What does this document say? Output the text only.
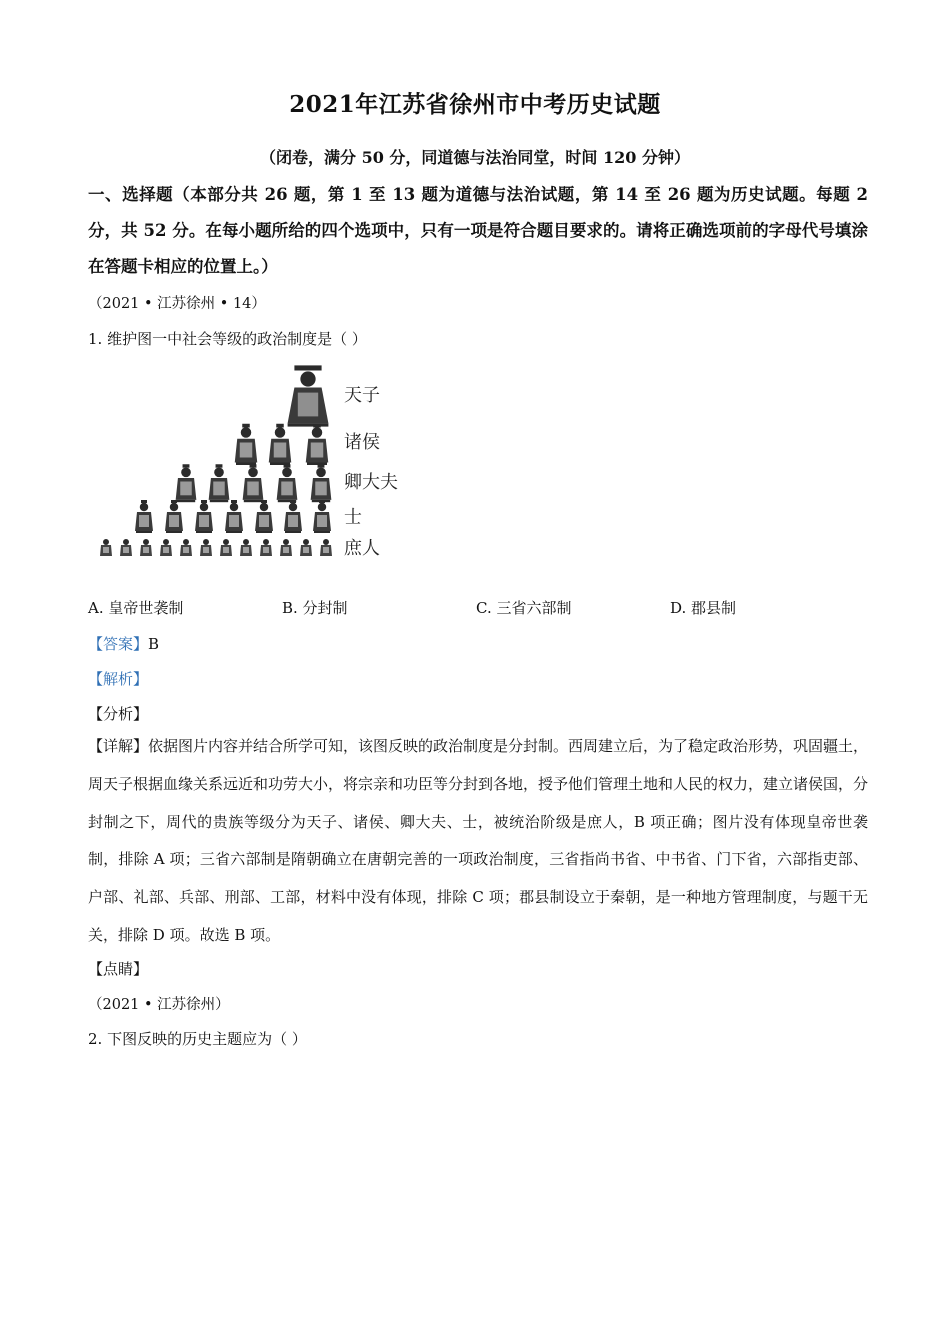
2021年江苏省徐州市中考历史试题
（闭卷，满分 50 分，同道德与法治同堂，时间 120 分钟）
一、选择题（本部分共 26 题，第 1 至 13 题为道德与法治试题，第 14 至 26 题为历史试题。每题 2 分，共 52 分。在每小题所给的四个选项中，只有一项是符合题目要求的。请将正确选项前的字母代号填涂在答题卡相应的位置上。）
（2021 • 江苏徐州 • 14）
1. 维护图一中社会等级的政治制度是（ ）
天子
诸侯
卿大夫
士
庶人
A. 皇帝世袭制	B. 分封制	C. 三省六部制	D. 郡县制
【答案】B
【解析】
【分析】
【详解】依据图片内容并结合所学可知，该图反映的政治制度是分封制。西周建立后，为了稳定政治形势，巩固疆土，周天子根据血缘关系远近和功劳大小，将宗亲和功臣等分封到各地，授予他们管理土地和人民的权力，建立诸侯国，分封制之下，周代的贵族等级分为天子、诸侯、卿大夫、士，被统治阶级是庶人，B 项正确；图片没有体现皇帝世袭制，排除 A 项；三省六部制是隋朝确立在唐朝完善的一项政治制度，三省指尚书省、中书省、门下省，六部指吏部、户部、礼部、兵部、刑部、工部，材料中没有体现，排除 C 项；郡县制设立于秦朝，是一种地方管理制度，与题干无关，排除 D 项。故选 B 项。
【点睛】
（2021 • 江苏徐州）
2. 下图反映的历史主题应为（ ）
